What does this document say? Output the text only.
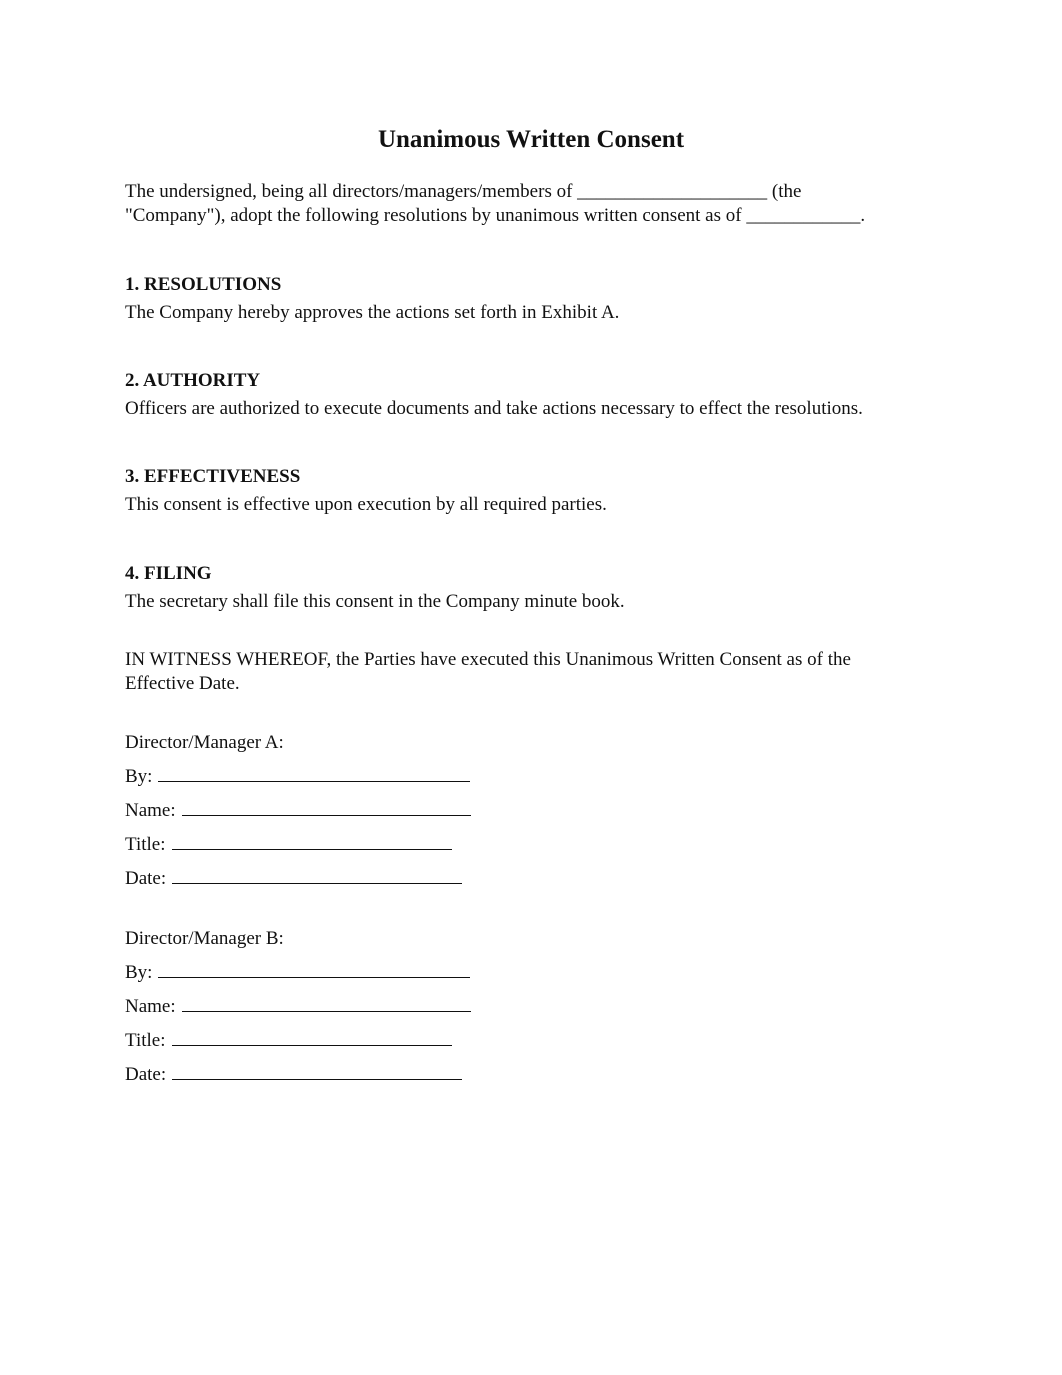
Unanimous Written Consent

The undersigned, being all directors/managers/members of ____________________ (the
"Company"), adopt the following resolutions by unanimous written consent as of ____________.

1. RESOLUTIONS

The Company hereby approves the actions set forth in Exhibit A.

2. AUTHORITY

Officers are authorized to execute documents and take actions necessary to effect the resolutions.

3. EFFECTIVENESS

This consent is effective upon execution by all required parties.

4. FILING

The secretary shall file this consent in the Company minute book.

IN WITNESS WHEREOF, the Parties have executed this Unanimous Written Consent as of the
Effective Date.

Director/Manager A:

By:
Name:
Title:
Date:

Director/Manager B:

By:
Name:
Title:
Date:
